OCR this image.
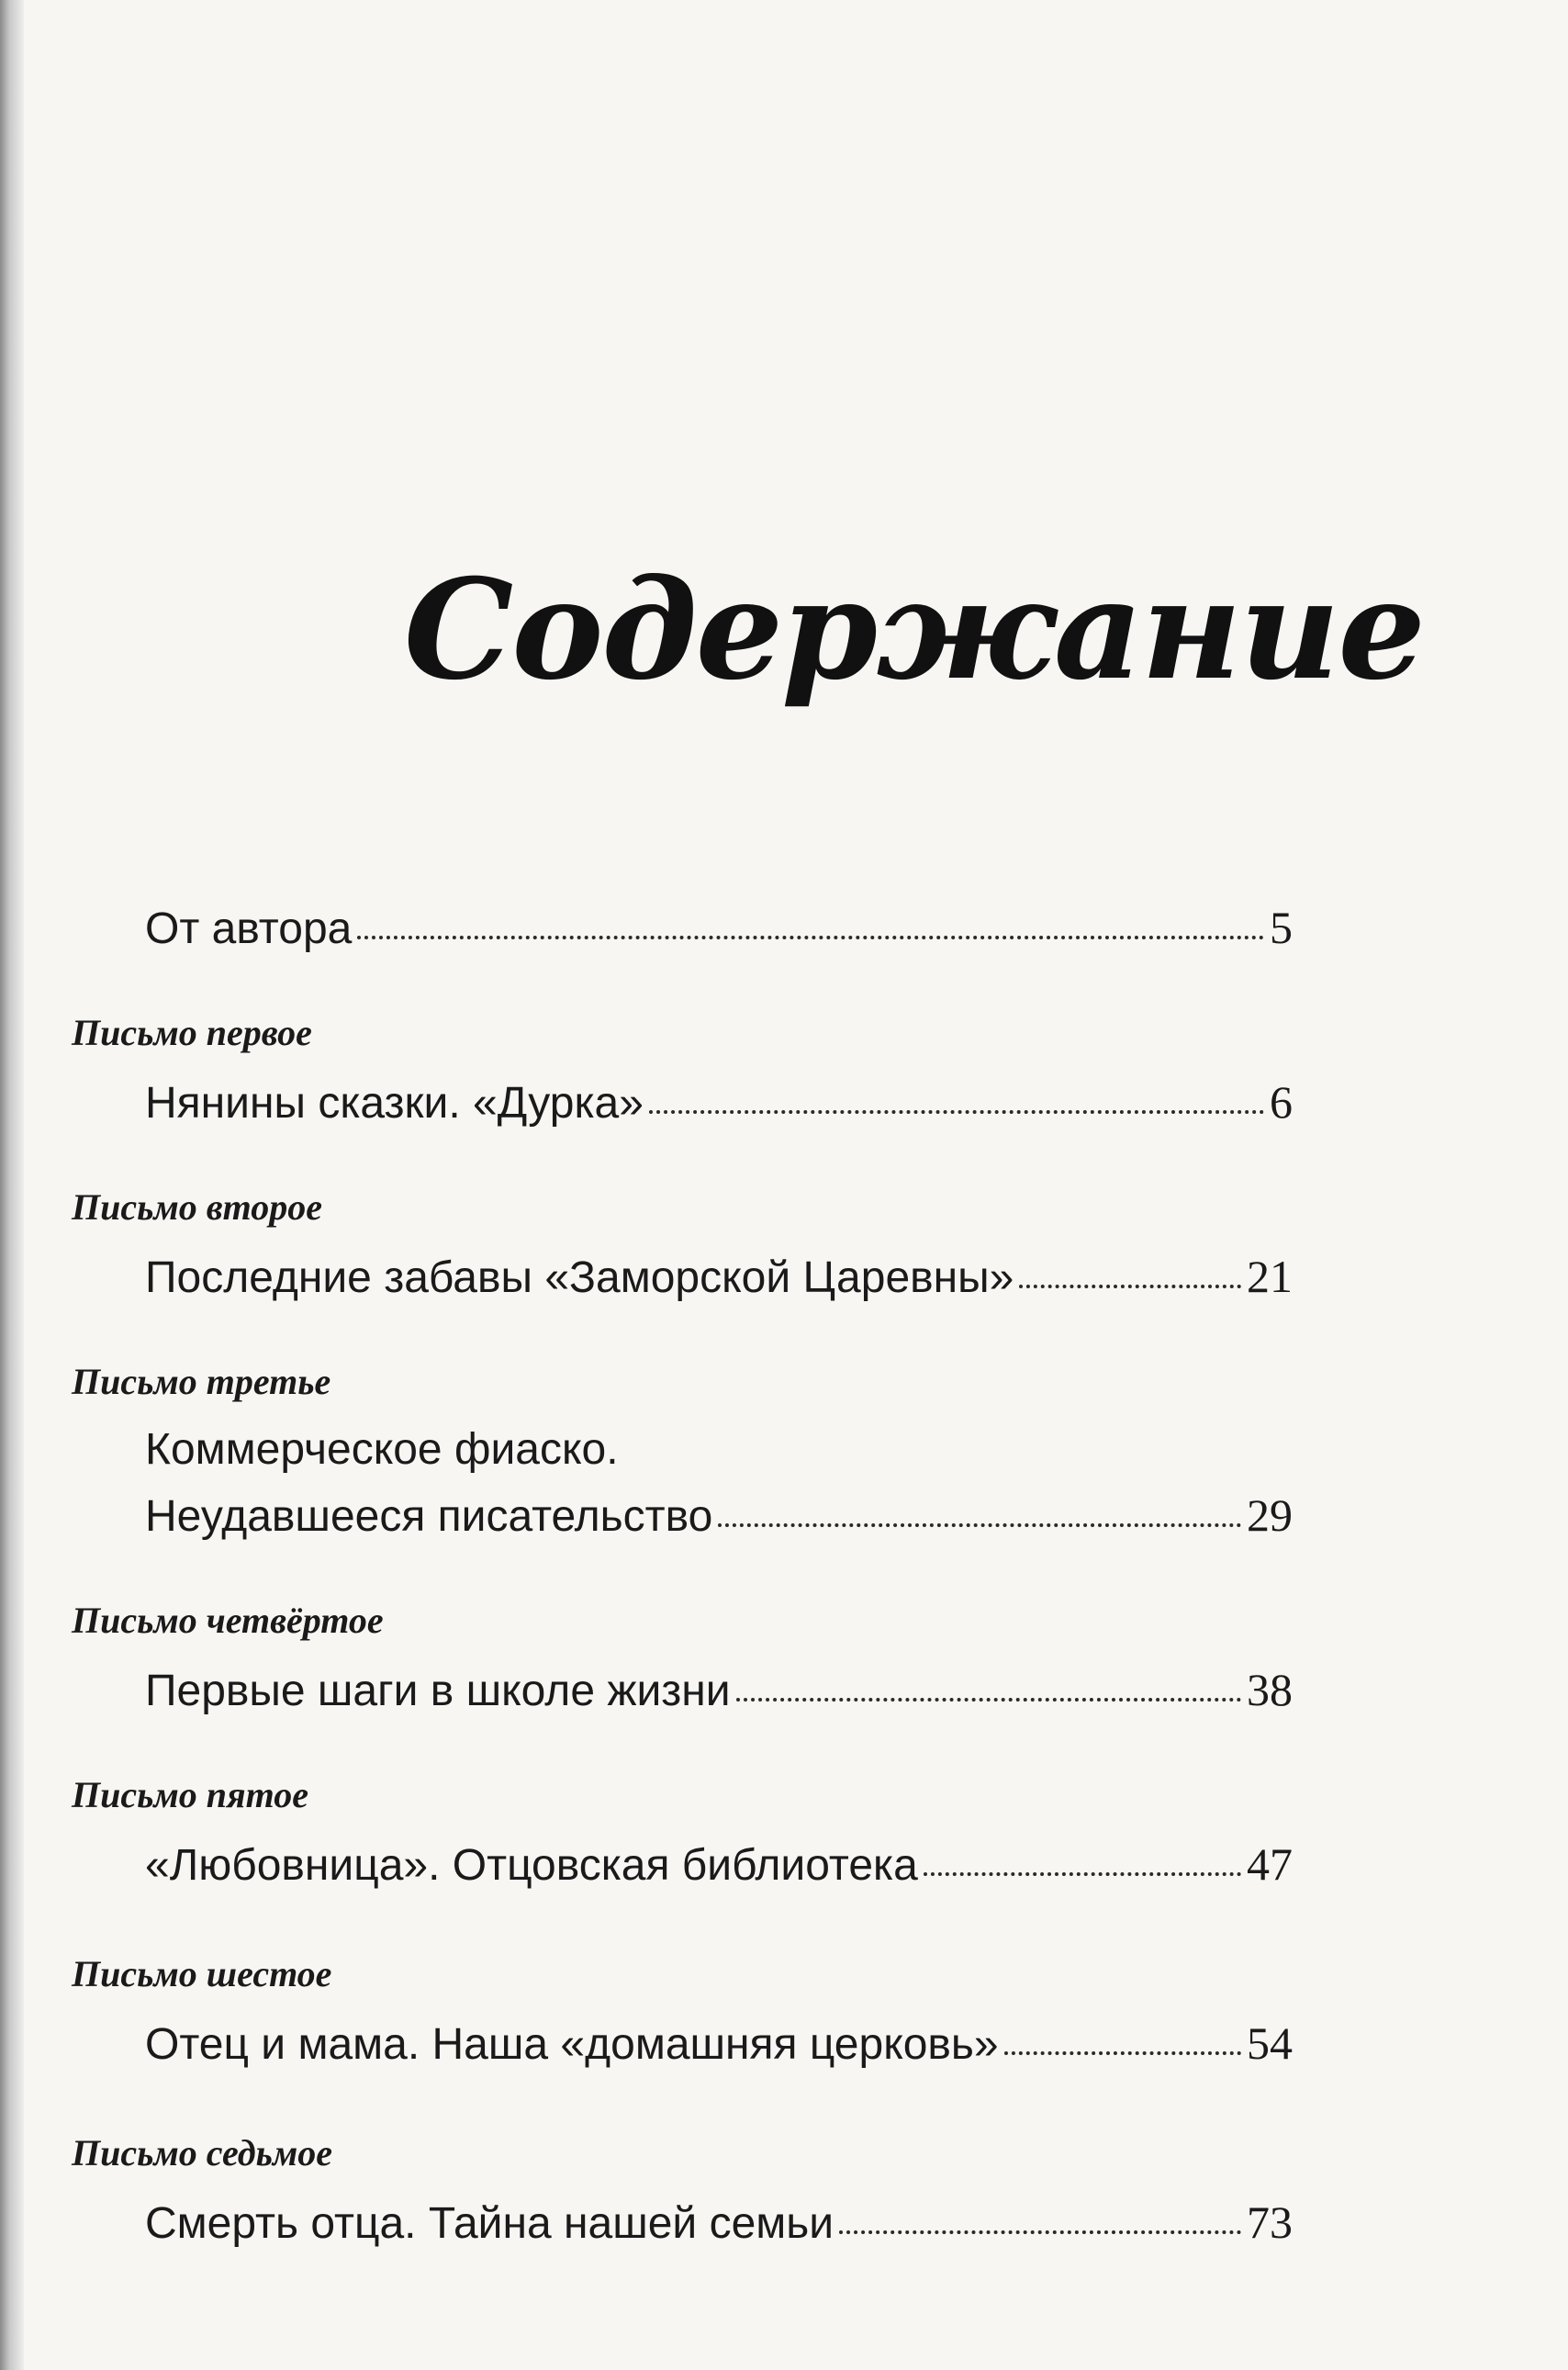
Содержание
От автора	5
Письмо первое
Нянины сказки. «Дурка»	6
Письмо второе
Последние забавы «Заморской Царевны»	21
Письмо третье
Коммерческое фиаско.
Неудавшееся писательство	29
Письмо четвёртое
Первые шаги в школе жизни	38
Письмо пятое
«Любовница». Отцовская библиотека	47
Письмо шестое
Отец и мама. Наша «домашняя церковь»	54
Письмо седьмое
Смерть отца. Тайна нашей семьи	73
